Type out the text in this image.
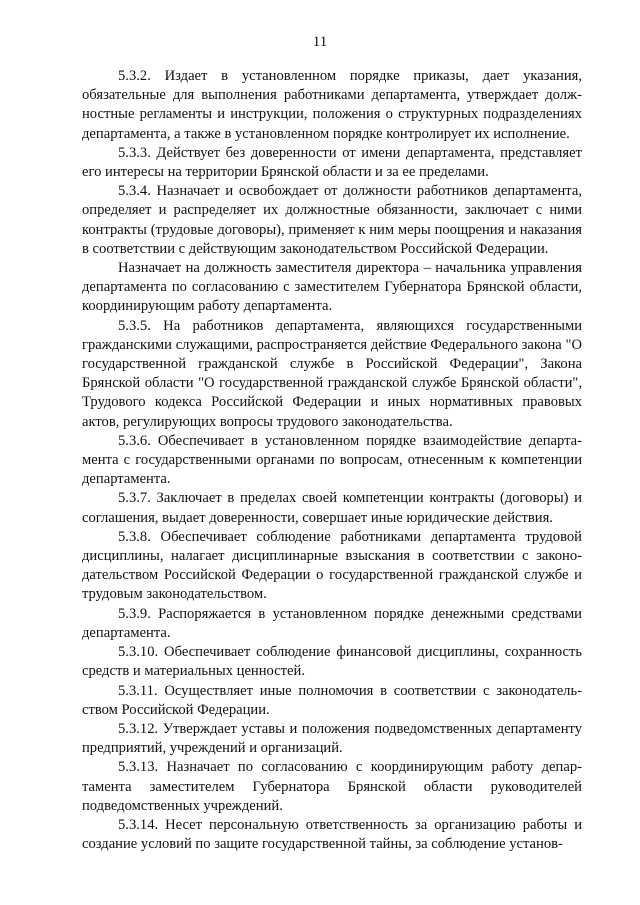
11

5.3.2. Издает в установленном порядке приказы, дает указания, обязательные для выполнения работниками департамента, утверждает должностные регламенты и инструкции, положения о структурных подразделениях департамента, а также в установленном порядке контролирует их исполнение.

5.3.3. Действует без доверенности от имени департамента, представляет его интересы на территории Брянской области и за ее пределами.

5.3.4. Назначает и освобождает от должности работников департамента, определяет и распределяет их должностные обязанности, заключает с ними контракты (трудовые договоры), применяет к ним меры поощрения и наказания в соответствии с действующим законодательством Российской Федерации.

Назначает на должность заместителя директора – начальника управления департамента по согласованию с заместителем Губернатора Брянской области, координирующим работу департамента.

5.3.5. На работников департамента, являющихся государственными гражданскими служащими, распространяется действие Федерального закона "О государственной гражданской службе в Российской Федерации", Закона Брянской области "О государственной гражданской службе Брянской области", Трудового кодекса Российской Федерации и иных нормативных правовых актов, регулирующих вопросы трудового законодательства.

5.3.6. Обеспечивает в установленном порядке взаимодействие департамента с государственными органами по вопросам, отнесенным к компетенции департамента.

5.3.7. Заключает в пределах своей компетенции контракты (договоры) и соглашения, выдает доверенности, совершает иные юридические действия.

5.3.8. Обеспечивает соблюдение работниками департамента трудовой дисциплины, налагает дисциплинарные взыскания в соответствии с законодательством Российской Федерации о государственной гражданской службе и трудовым законодательством.

5.3.9. Распоряжается в установленном порядке денежными средствами департамента.

5.3.10. Обеспечивает соблюдение финансовой дисциплины, сохранность средств и материальных ценностей.

5.3.11. Осуществляет иные полномочия в соответствии с законодательством Российской Федерации.

5.3.12. Утверждает уставы и положения подведомственных департаменту предприятий, учреждений и организаций.

5.3.13. Назначает по согласованию с координирующим работу департамента заместителем Губернатора Брянской области руководителей подведомственных учреждений.

5.3.14. Несет персональную ответственность за организацию работы и создание условий по защите государственной тайны, за соблюдение установ-
